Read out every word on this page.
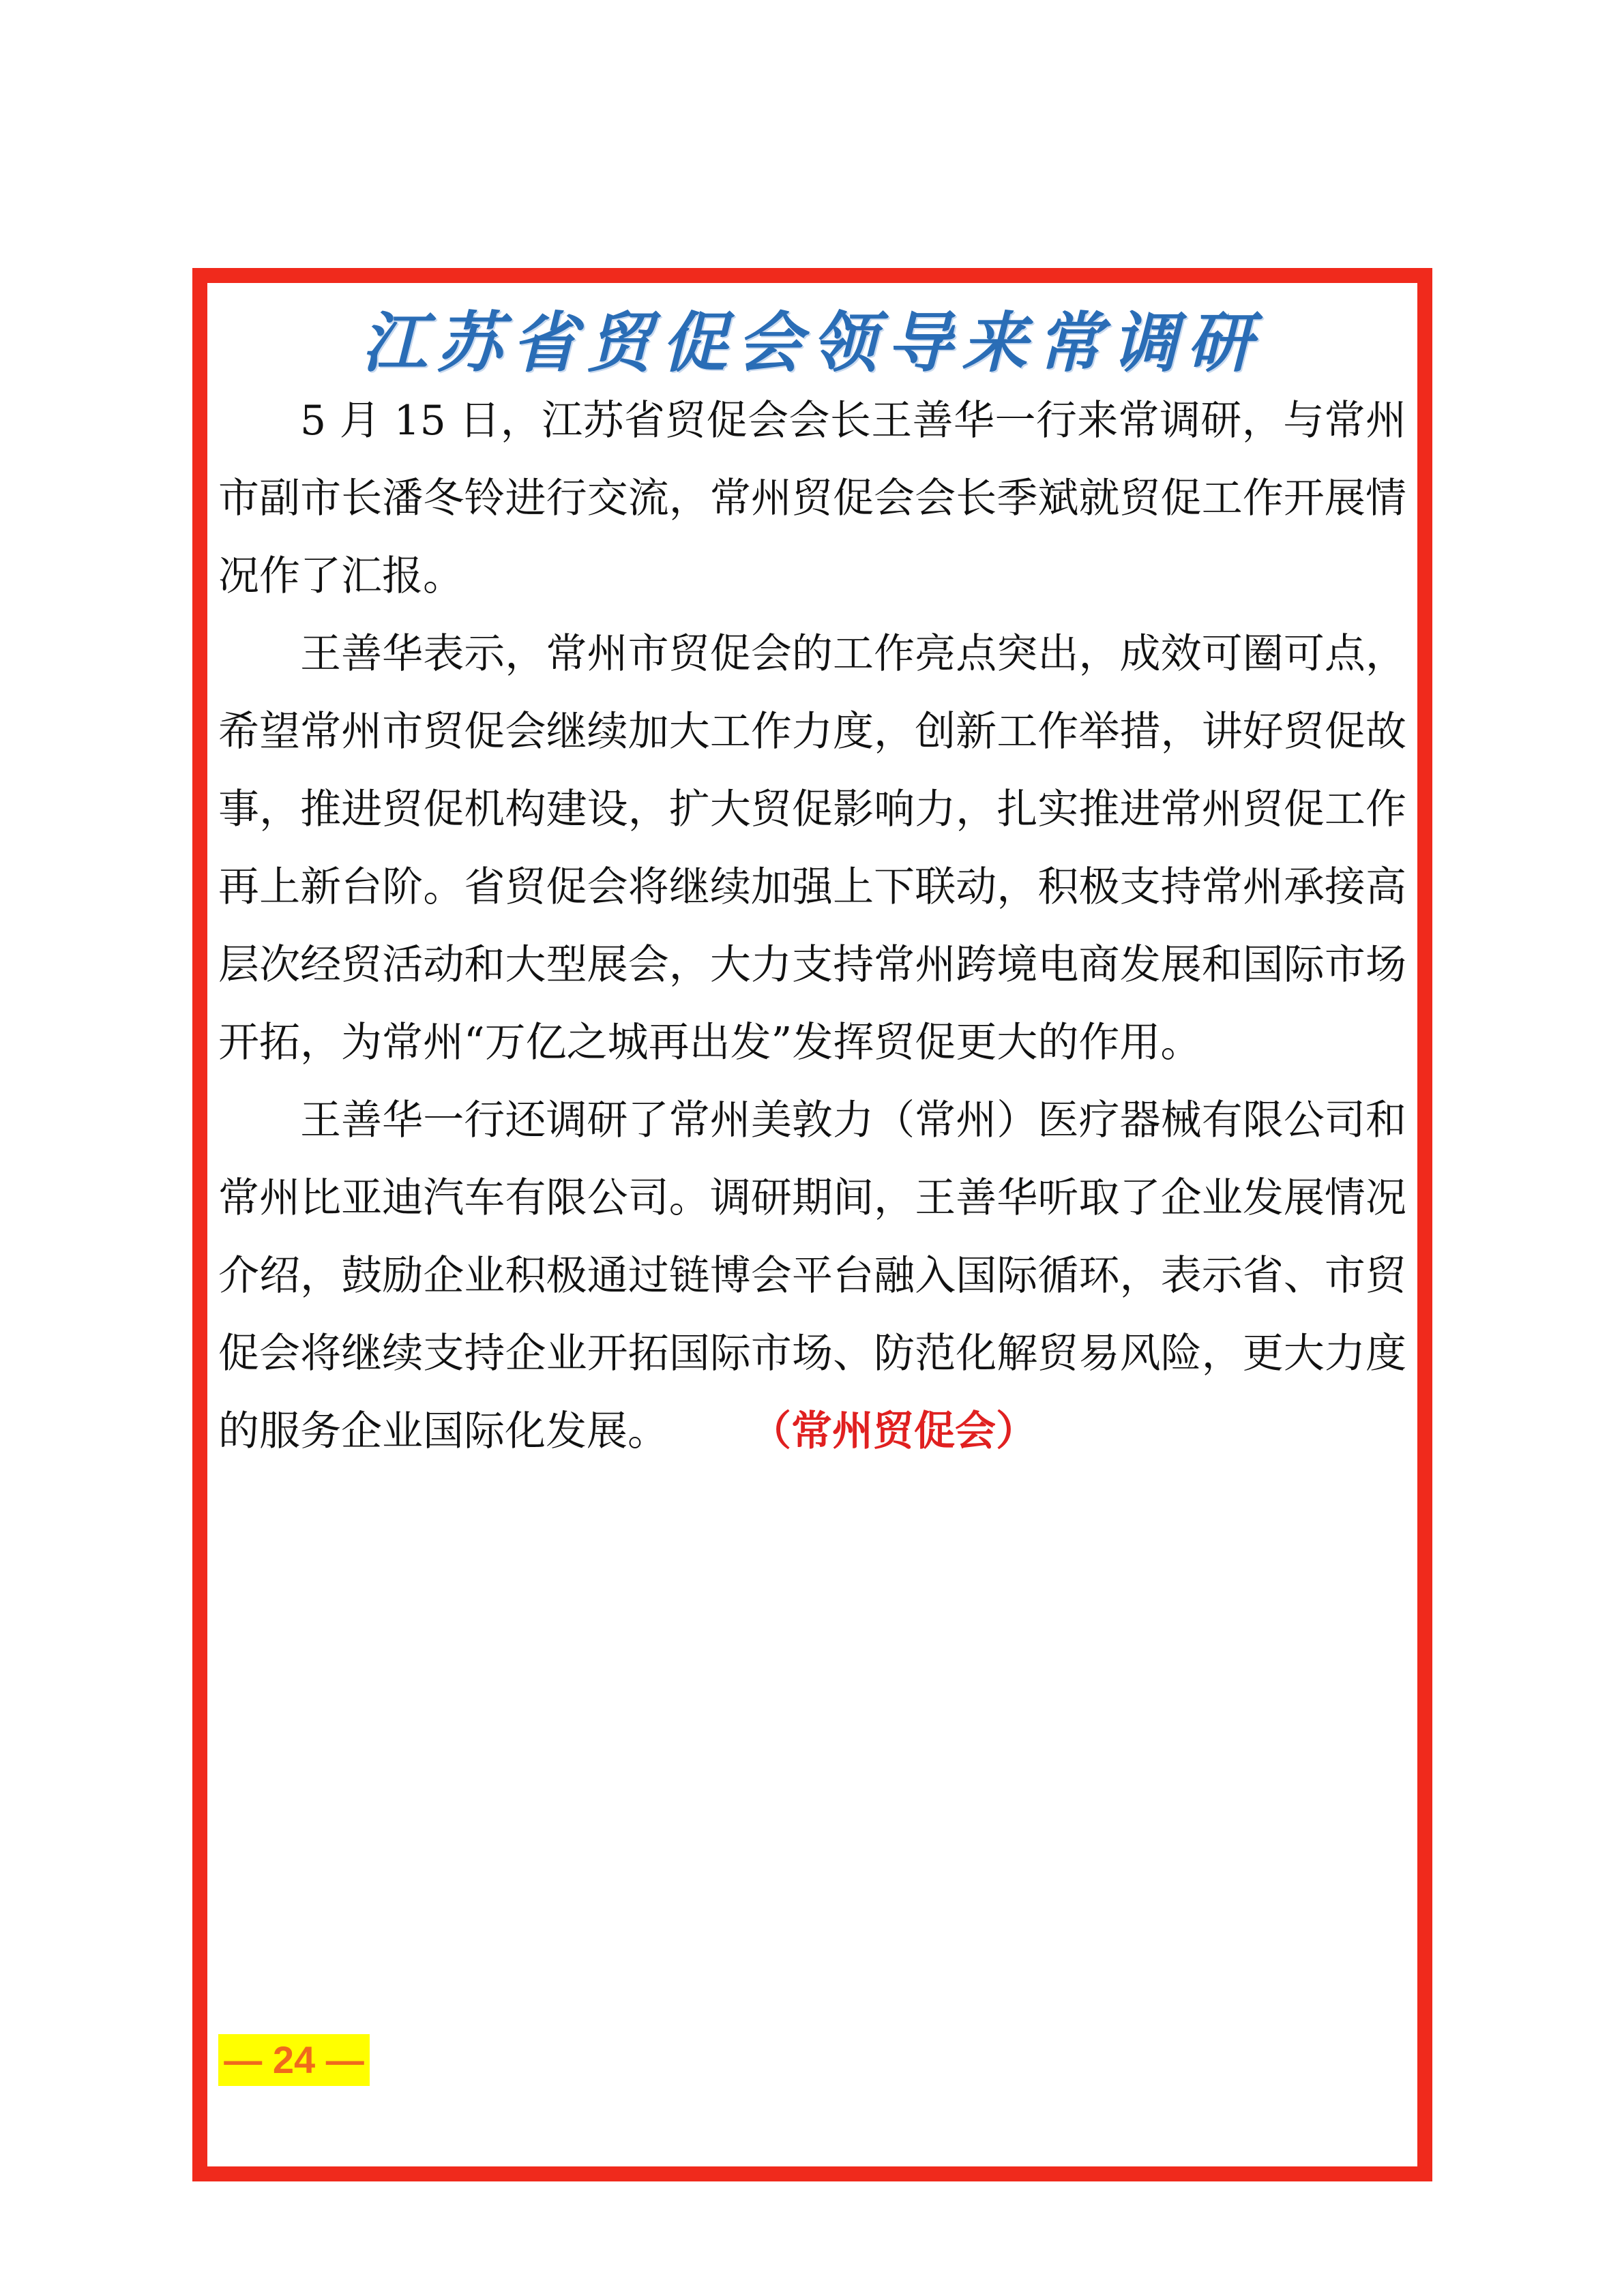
江苏省贸促会领导来常调研

5 月 15 日，江苏省贸促会会长王善华一行来常调研，与常州市副市长潘冬铃进行交流，常州贸促会会长季斌就贸促工作开展情况作了汇报。

王善华表示，常州市贸促会的工作亮点突出，成效可圈可点，希望常州市贸促会继续加大工作力度，创新工作举措，讲好贸促故事，推进贸促机构建设，扩大贸促影响力，扎实推进常州贸促工作再上新台阶。省贸促会将继续加强上下联动，积极支持常州承接高层次经贸活动和大型展会，大力支持常州跨境电商发展和国际市场开拓，为常州“万亿之城再出发”发挥贸促更大的作用。

王善华一行还调研了常州美敦力（常州）医疗器械有限公司和常州比亚迪汽车有限公司。调研期间，王善华听取了企业发展情况介绍，鼓励企业积极通过链博会平台融入国际循环，表示省、市贸促会将继续支持企业开拓国际市场、防范化解贸易风险，更大力度的服务企业国际化发展。	（常州贸促会）

— 24 —
